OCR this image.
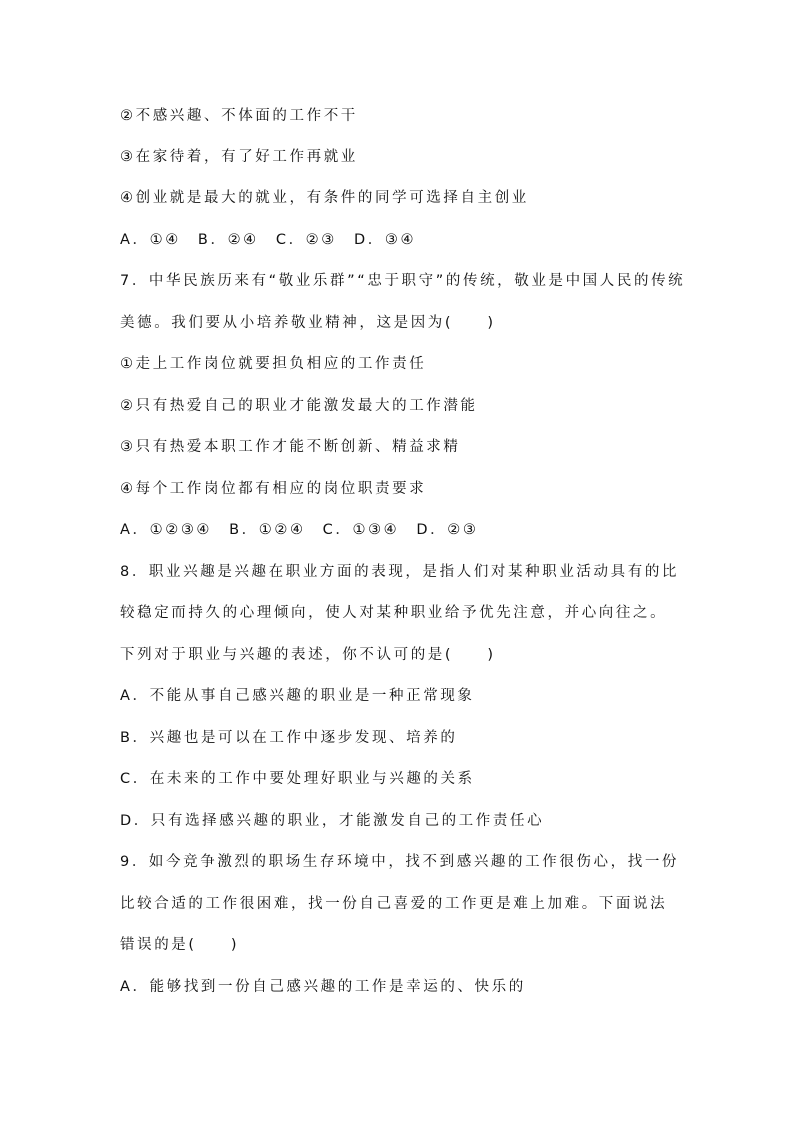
②不感兴趣、不体面的工作不干
③在家待着，有了好工作再就业
④创业就是最大的就业，有条件的同学可选择自主创业
A．①④　B．②④　C．②③　D．③④
7．中华民族历来有“敬业乐群”“忠于职守”的传统，敬业是中国人民的传统
美德。我们要从小培养敬业精神，这是因为(　　)
①走上工作岗位就要担负相应的工作责任
②只有热爱自己的职业才能激发最大的工作潜能
③只有热爱本职工作才能不断创新、精益求精
④每个工作岗位都有相应的岗位职责要求
A．①②③④　B．①②④　C．①③④　D．②③
8．职业兴趣是兴趣在职业方面的表现，是指人们对某种职业活动具有的比
较稳定而持久的心理倾向，使人对某种职业给予优先注意，并心向往之。
下列对于职业与兴趣的表述，你不认可的是(　　)
A．不能从事自己感兴趣的职业是一种正常现象
B．兴趣也是可以在工作中逐步发现、培养的
C．在未来的工作中要处理好职业与兴趣的关系
D．只有选择感兴趣的职业，才能激发自己的工作责任心
9．如今竞争激烈的职场生存环境中，找不到感兴趣的工作很伤心，找一份
比较合适的工作很困难，找一份自己喜爱的工作更是难上加难。下面说法
错误的是(　　)
A．能够找到一份自己感兴趣的工作是幸运的、快乐的
